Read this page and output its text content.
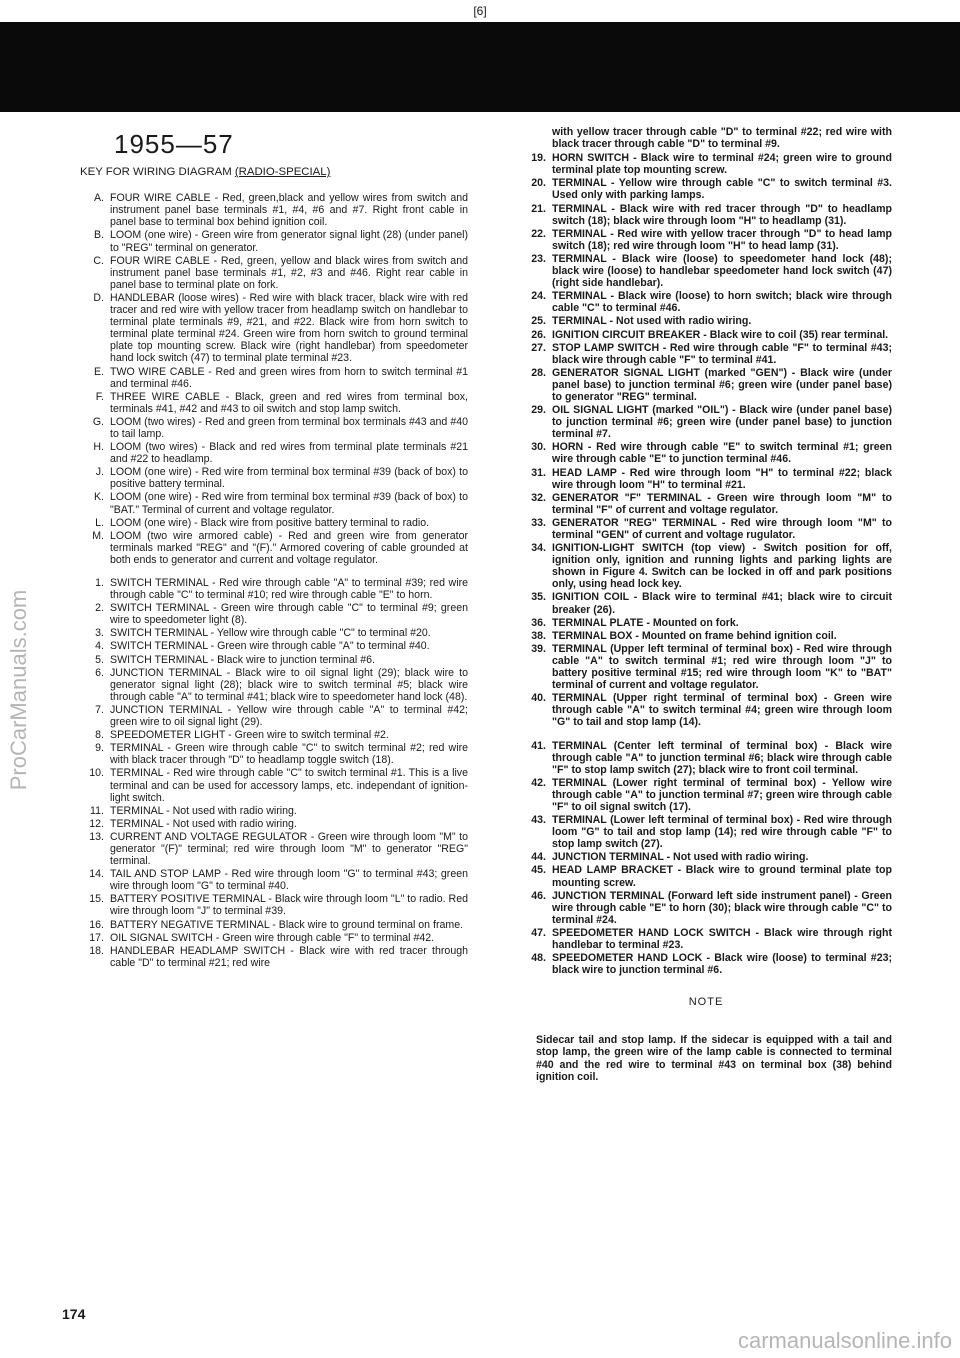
[6]
ProCarManuals.com
1955—57
KEY FOR WIRING DIAGRAM (RADIO-SPECIAL)
A. FOUR WIRE CABLE - Red, green,black and yellow wires from switch and instrument panel base terminals #1, #4, #6 and #7. Right front cable in panel base to terminal box behind ignition coil.
B. LOOM (one wire) - Green wire from generator signal light (28) (under panel) to "REG" terminal on generator.
C. FOUR WIRE CABLE - Red, green, yellow and black wires from switch and instrument panel base terminals #1, #2, #3 and #46. Right rear cable in panel base to terminal plate on fork.
D. HANDLEBAR (loose wires) - Red wire with black tracer, black wire with red tracer and red wire with yellow tracer from headlamp switch on handlebar to terminal plate terminals #9, #21, and #22. Black wire from horn switch to terminal plate terminal #24. Green wire from horn switch to ground terminal plate top mounting screw. Black wire (right handlebar) from speedometer hand lock switch (47) to terminal plate terminal #23.
E. TWO WIRE CABLE - Red and green wires from horn to switch terminal #1 and terminal #46.
F. THREE WIRE CABLE - Black, green and red wires from terminal box, terminals #41, #42 and #43 to oil switch and stop lamp switch.
G. LOOM (two wires) - Red and green from terminal box terminals #43 and #40 to tail lamp.
H. LOOM (two wires) - Black and red wires from terminal plate terminals #21 and #22 to headlamp.
J. LOOM (one wire) - Red wire from terminal box terminal #39 (back of box) to positive battery terminal.
K. LOOM (one wire) - Red wire from terminal box terminal #39 (back of box) to "BAT." Terminal of current and voltage regulator.
L. LOOM (one wire) - Black wire from positive battery terminal to radio.
M. LOOM (two wire armored cable) - Red and green wire from generator terminals marked "REG" and "(F)." Armored covering of cable grounded at both ends to generator and current and voltage regulator.
1. SWITCH TERMINAL - Red wire through cable "A" to terminal #39; red wire through cable "C" to terminal #10; red wire through cable "E" to horn.
2. SWITCH TERMINAL - Green wire through cable "C" to terminal #9; green wire to speedometer light (8).
3. SWITCH TERMINAL - Yellow wire through cable "C" to terminal #20.
4. SWITCH TERMINAL - Green wire through cable "A" to terminal #40.
5. SWITCH TERMINAL - Black wire to junction terminal #6.
6. JUNCTION TERMINAL - Black wire to oil signal light (29); black wire to generator signal light (28); black wire to switch terminal #5; black wire through cable "A" to terminal #41; black wire to speedometer hand lock (48).
7. JUNCTION TERMINAL - Yellow wire through cable "A" to terminal #42; green wire to oil signal light (29).
8. SPEEDOMETER LIGHT - Green wire to switch terminal #2.
9. TERMINAL - Green wire through cable "C" to switch terminal #2; red wire with black tracer through "D" to headlamp toggle switch (18).
10. TERMINAL - Red wire through cable "C" to switch terminal #1. This is a live terminal and can be used for accessory lamps, etc. independant of ignition-light switch.
11. TERMINAL - Not used with radio wiring.
12. TERMINAL - Not used with radio wiring.
13. CURRENT AND VOLTAGE REGULATOR - Green wire through loom "M" to generator "(F)" terminal; red wire through loom "M" to generator "REG" terminal.
14. TAIL AND STOP LAMP - Red wire through loom "G" to terminal #43; green wire through loom "G" to terminal #40.
15. BATTERY POSITIVE TERMINAL - Black wire through loom "L" to radio. Red wire through loom "J" to terminal #39.
16. BATTERY NEGATIVE TERMINAL - Black wire to ground terminal on frame.
17. OIL SIGNAL SWITCH - Green wire through cable "F" to terminal #42.
18. HANDLEBAR HEADLAMP SWITCH - Black wire with red tracer through cable "D" to terminal #21; red wire
with yellow tracer through cable "D" to terminal #22; red wire with black tracer through cable "D" to terminal #9.
19. HORN SWITCH - Black wire to terminal #24; green wire to ground terminal plate top mounting screw.
20. TERMINAL - Yellow wire through cable "C" to switch terminal #3. Used only with parking lamps.
21. TERMINAL - Black wire with red tracer through "D" to headlamp switch (18); black wire through loom "H" to headlamp (31).
22. TERMINAL - Red wire with yellow tracer through "D" to head lamp switch (18); red wire through loom "H" to head lamp (31).
23. TERMINAL - Black wire (loose) to speedometer hand lock (48); black wire (loose) to handlebar speedometer hand lock switch (47) (right side handlebar).
24. TERMINAL - Black wire (loose) to horn switch; black wire through cable "C" to terminal #46.
25. TERMINAL - Not used with radio wiring.
26. IGNITION CIRCUIT BREAKER - Black wire to coil (35) rear terminal.
27. STOP LAMP SWITCH - Red wire through cable "F" to terminal #43; black wire through cable "F" to terminal #41.
28. GENERATOR SIGNAL LIGHT (marked "GEN") - Black wire (under panel base) to junction terminal #6; green wire (under panel base) to generator "REG" terminal.
29. OIL SIGNAL LIGHT (marked "OIL") - Black wire (under panel base) to junction terminal #6; green wire (under panel base) to junction terminal #7.
30. HORN - Red wire through cable "E" to switch terminal #1; green wire through cable "E" to junction terminal #46.
31. HEAD LAMP - Red wire through loom "H" to terminal #22; black wire through loom "H" to terminal #21.
32. GENERATOR "F" TERMINAL - Green wire through loom "M" to terminal "F" of current and voltage regulator.
33. GENERATOR "REG" TERMINAL - Red wire through loom "M" to terminal "GEN" of current and voltage rugulator.
34. IGNITION-LIGHT SWITCH (top view) - Switch position for off, ignition only, ignition and running lights and parking lights are shown in Figure 4. Switch can be locked in off and park positions only, using head lock key.
35. IGNITION COIL - Black wire to terminal #41; black wire to circuit breaker (26).
36. TERMINAL PLATE - Mounted on fork.
38. TERMINAL BOX - Mounted on frame behind ignition coil.
39. TERMINAL (Upper left terminal of terminal box) - Red wire through cable "A" to switch terminal #1; red wire through loom "J" to battery positive terminal #15; red wire through loom "K" to "BAT" terminal of current and voltage regulator.
40. TERMINAL (Upper right terminal of terminal box) - Green wire through cable "A" to switch terminal #4; green wire through loom "G" to tail and stop lamp (14).
41. TERMINAL (Center left terminal of terminal box) - Black wire through cable "A" to junction terminal #6; black wire through cable "F" to stop lamp switch (27); black wire to front coil terminal.
42. TERMINAL (Lower right terminal of terminal box) - Yellow wire through cable "A" to junction terminal #7; green wire through cable "F" to oil signal switch (17).
43. TERMINAL (Lower left terminal of terminal box) - Red wire through loom "G" to tail and stop lamp (14); red wire through cable "F" to stop lamp switch (27).
44. JUNCTION TERMINAL - Not used with radio wiring.
45. HEAD LAMP BRACKET - Black wire to ground terminal plate top mounting screw.
46. JUNCTION TERMINAL (Forward left side instrument panel) - Green wire through cable "E" to horn (30); black wire through cable "C" to terminal #24.
47. SPEEDOMETER HAND LOCK SWITCH - Black wire through right handlebar to terminal #23.
48. SPEEDOMETER HAND LOCK - Black wire (loose) to terminal #23; black wire to junction terminal #6.
NOTE
Sidecar tail and stop lamp. If the sidecar is equipped with a tail and stop lamp, the green wire of the lamp cable is connected to terminal #40 and the red wire to terminal #43 on terminal box (38) behind ignition coil.
174
carmanualsonline.info
